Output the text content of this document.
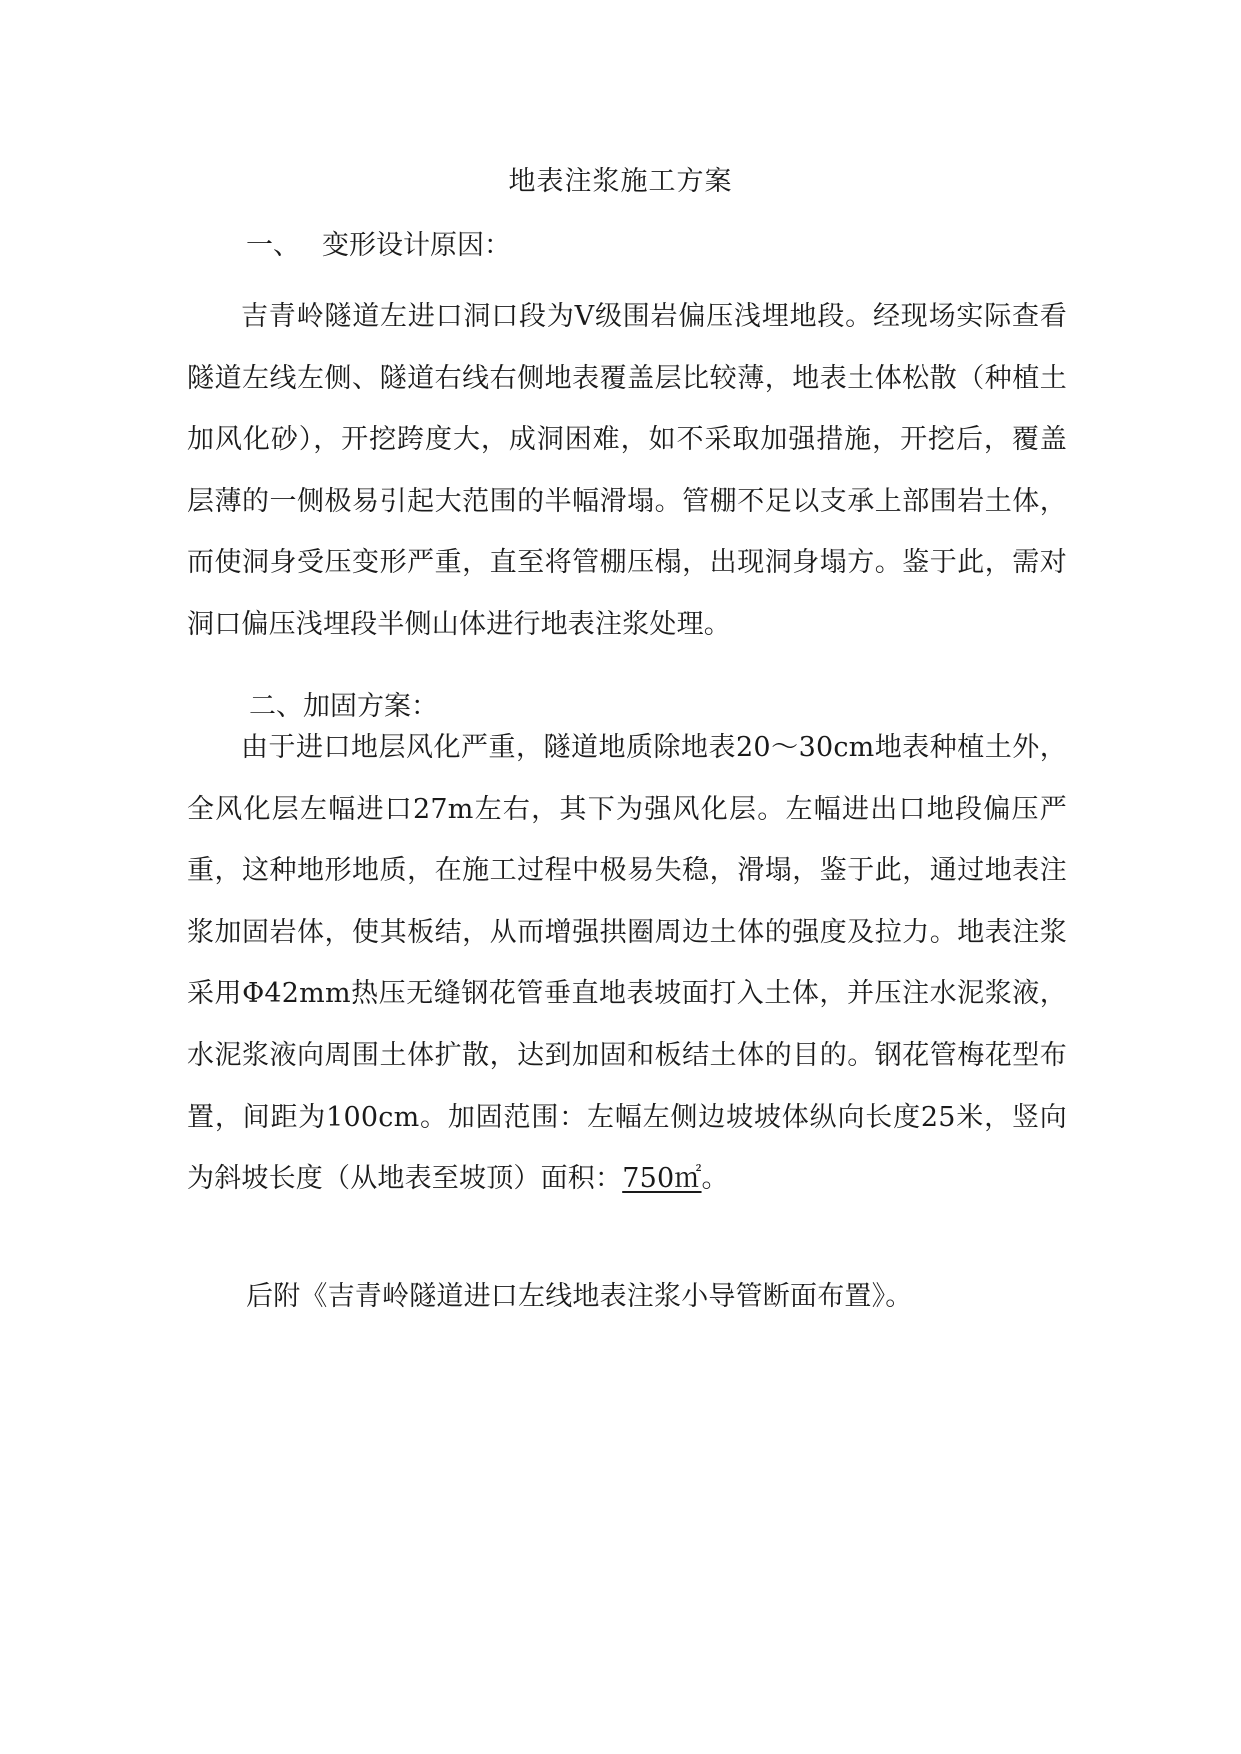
地表注浆施工方案
一、 变形设计原因：
吉青岭隧道左进口洞口段为Ⅴ级围岩偏压浅埋地段。经现场实际查看隧道左线左侧、隧道右线右侧地表覆盖层比较薄，地表土体松散（种植土加风化砂），开挖跨度大，成洞困难，如不采取加强措施，开挖后，覆盖层薄的一侧极易引起大范围的半幅滑塌。管棚不足以支承上部围岩土体，而使洞身受压变形严重，直至将管棚压榻，出现洞身塌方。鉴于此，需对洞口偏压浅埋段半侧山体进行地表注浆处理。
二、加固方案：
由于进口地层风化严重，隧道地质除地表20～30cm地表种植土外，全风化层左幅进口27m左右，其下为强风化层。左幅进出口地段偏压严重，这种地形地质，在施工过程中极易失稳，滑塌，鉴于此，通过地表注浆加固岩体，使其板结，从而增强拱圈周边土体的强度及拉力。地表注浆采用Φ42mm热压无缝钢花管垂直地表坡面打入土体，并压注水泥浆液，水泥浆液向周围土体扩散，达到加固和板结土体的目的。钢花管梅花型布置，间距为100cm。加固范围：左幅左侧边坡坡体纵向长度25米，竖向为斜坡长度（从地表至坡顶）面积：750㎡。
后附《吉青岭隧道进口左线地表注浆小导管断面布置》。
